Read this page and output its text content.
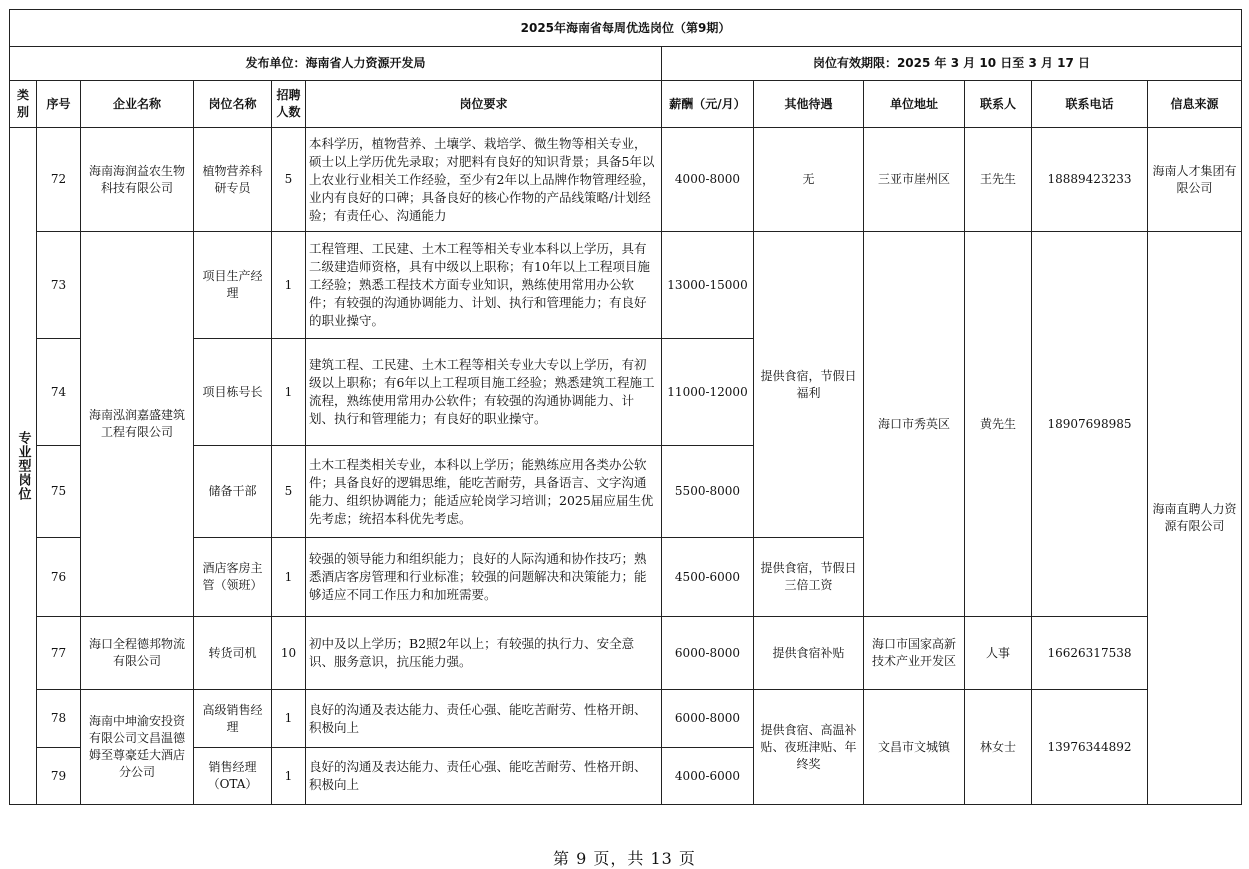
2025年海南省每周优选岗位（第9期）											
发布单位：海南省人力资源开发局						岗位有效期限：2025 年 3 月 10 日至 3 月 17 日					
类别	序号	企业名称	岗位名称	招聘人数	岗位要求	薪酬（元/月）	其他待遇	单位地址	联系人	联系电话	信息来源

专业型岗位	72	海南海润益农生物科技有限公司	植物营养科研专员	5	本科学历，植物营养、土壤学、栽培学、微生物等相关专业，硕士以上学历优先录取；对肥料有良好的知识背景；具备5年以上农业行业相关工作经验，至少有2年以上品牌作物管理经验，业内有良好的口碑；具备良好的核心作物的产品线策略/计划经验；有责任心、沟通能力	4000-8000	无	三亚市崖州区	王先生	18889423233	海南人才集团有限公司
	73	海南泓润嘉盛建筑工程有限公司	项目生产经理	1	工程管理、工民建、土木工程等相关专业本科以上学历，具有二级建造师资格，具有中级以上职称；有10年以上工程项目施工经验；熟悉工程技术方面专业知识，熟练使用常用办公软件；有较强的沟通协调能力、计划、执行和管理能力；有良好的职业操守。	13000-15000	提供食宿，节假日福利	海口市秀英区	黄先生	18907698985	海南直聘人力资源有限公司
	74		项目栋号长	1	建筑工程、工民建、土木工程等相关专业大专以上学历，有初级以上职称；有6年以上工程项目施工经验；熟悉建筑工程施工流程，熟练使用常用办公软件；有较强的沟通协调能力、计划、执行和管理能力；有良好的职业操守。	11000-12000					
	75		储备干部	5	土木工程类相关专业，本科以上学历；能熟练应用各类办公软件；具备良好的逻辑思维，能吃苦耐劳，具备语言、文字沟通能力、组织协调能力；能适应轮岗学习培训；2025届应届生优先考虑；统招本科优先考虑。	5500-8000					
	76		酒店客房主管（领班）	1	较强的领导能力和组织能力；良好的人际沟通和协作技巧；熟悉酒店客房管理和行业标准；较强的问题解决和决策能力；能够适应不同工作压力和加班需要。	4500-6000	提供食宿，节假日三倍工资				
	77	海口全程德邦物流有限公司	转货司机	10	初中及以上学历；B2照2年以上；有较强的执行力、安全意识、服务意识，抗压能力强。	6000-8000	提供食宿补贴	海口市国家高新技术产业开发区	人事	16626317538	
	78	海南中坤渝安投资有限公司文昌温德姆至尊豪廷大酒店分公司	高级销售经理	1	良好的沟通及表达能力、责任心强、能吃苦耐劳、性格开朗、积极向上	6000-8000	提供食宿、高温补贴、夜班津贴、年终奖	文昌市文城镇	林女士	13976344892	
	79		销售经理（OTA）	1	良好的沟通及表达能力、责任心强、能吃苦耐劳、性格开朗、积极向上	4000-6000					
第 9 页，共 13 页
